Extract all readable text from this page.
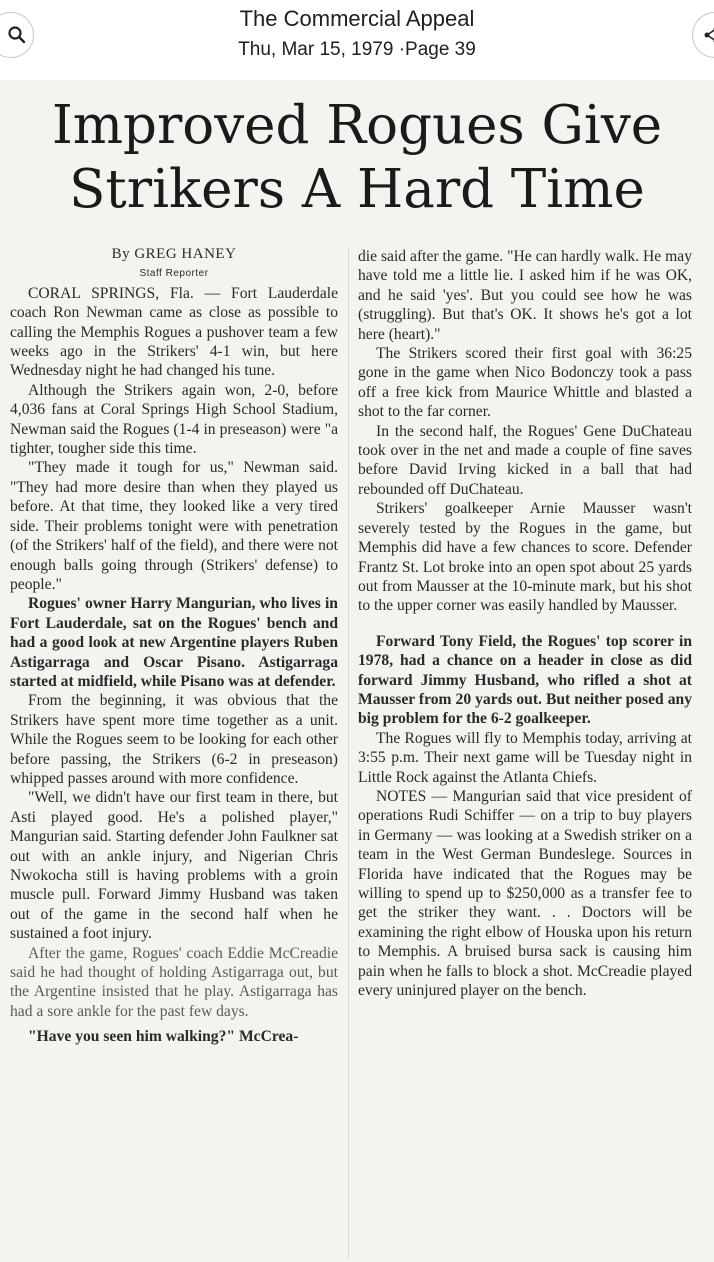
The Commercial Appeal
Thu, Mar 15, 1979 ·Page 39
Improved Rogues Give
Strikers A Hard Time

By GREG HANEY

Staff Reporter

CORAL SPRINGS, Fla. — Fort Lauderdale coach Ron Newman came as close as possible to calling the Memphis Rogues a pushover team a few weeks ago in the Strikers' 4-1 win, but here Wednesday night he had changed his tune.

Although the Strikers again won, 2-0, before 4,036 fans at Coral Springs High School Stadium, Newman said the Rogues (1-4 in preseason) were "a tighter, tougher side this time.

"They made it tough for us," Newman said. "They had more desire than when they played us before. At that time, they looked like a very tired side. Their problems tonight were with penetration (of the Strikers' half of the field), and there were not enough balls going through (Strikers' defense) to people."

Rogues' owner Harry Mangurian, who lives in Fort Lauderdale, sat on the Rogues' bench and had a good look at new Argentine players Ruben Astigarraga and Oscar Pisano. Astigarraga started at midfield, while Pisano was at defender.

From the beginning, it was obvious that the Strikers have spent more time together as a unit. While the Rogues seem to be looking for each other before passing, the Strikers (6-2 in preseason) whipped passes around with more confidence.

"Well, we didn't have our first team in there, but Asti played good. He's a polished player," Mangurian said. Starting defender John Faulkner sat out with an ankle injury, and Nigerian Chris Nwokocha still is having problems with a groin muscle pull. Forward Jimmy Husband was taken out of the game in the second half when he sustained a foot injury.

After the game, Rogues' coach Eddie McCreadie said he had thought of holding Astigarraga out, but the Argentine insisted that he play. Astigarraga has had a sore ankle for the past few days.

"Have you seen him walking?" McCrea-

die said after the game. "He can hardly walk. He may have told me a little lie. I asked him if he was OK, and he said 'yes'. But you could see how he was (struggling). But that's OK. It shows he's got a lot here (heart)."

The Strikers scored their first goal with 36:25 gone in the game when Nico Bodonczy took a pass off a free kick from Maurice Whittle and blasted a shot to the far corner.

In the second half, the Rogues' Gene DuChateau took over in the net and made a couple of fine saves before David Irving kicked in a ball that had rebounded off DuChateau.

Strikers' goalkeeper Arnie Mausser wasn't severely tested by the Rogues in the game, but Memphis did have a few chances to score. Defender Frantz St. Lot broke into an open spot about 25 yards out from Mausser at the 10-minute mark, but his shot to the upper corner was easily handled by Mausser.

Forward Tony Field, the Rogues' top scorer in 1978, had a chance on a header in close as did forward Jimmy Husband, who rifled a shot at Mausser from 20 yards out. But neither posed any big problem for the 6-2 goalkeeper.

The Rogues will fly to Memphis today, arriving at 3:55 p.m. Their next game will be Tuesday night in Little Rock against the Atlanta Chiefs.

NOTES — Mangurian said that vice president of operations Rudi Schiffer — on a trip to buy players in Germany — was looking at a Swedish striker on a team in the West German Bundeslege. Sources in Florida have indicated that the Rogues may be willing to spend up to $250,000 as a transfer fee to get the striker they want. . . Doctors will be examining the right elbow of Houska upon his return to Memphis. A bruised bursa sack is causing him pain when he falls to block a shot. McCreadie played every uninjured player on the bench.
